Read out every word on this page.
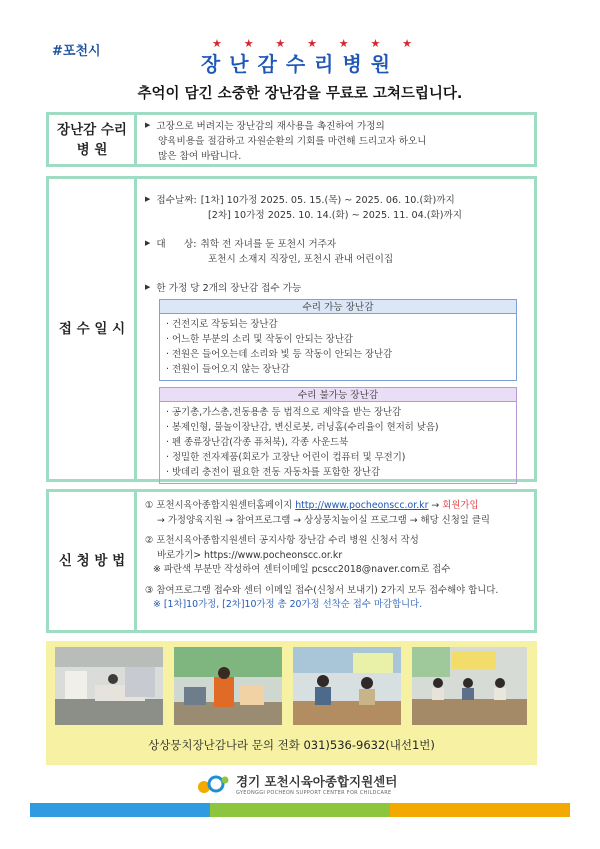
#포천시
★ ★ ★ ★ ★ ★ ★
장난감수리병원
추억이 담긴 소중한 장난감을 무료로 고쳐드립니다.
장난감 수리
병 원
▶ 고장으로 버려지는 장난감의 재사용을 촉진하여 가정의
양육비용을 절감하고 자원순환의 기회를 마련해 드리고자 하오니
많은 참여 바랍니다.
접 수 일 시
▶ 접수날짜: [1차] 10가정 2025. 05. 15.(목) ~ 2025. 06. 10.(화)까지
[2차] 10가정 2025. 10. 14.(화) ~ 2025. 11. 04.(화)까지
▶ 대      상: 취학 전 자녀를 둔 포천시 거주자
포천시 소재지 직장인, 포천시 관내 어린이집
▶ 한 가정 당 2개의 장난감 접수 가능
수리 가능 장난감
· 건전지로 작동되는 장난감
· 어느한 부분의 소리 및 작동이 안되는 장난감
· 전원은 들어오는데 소리와 빛 등 작동이 안되는 장난감
· 전원이 들어오지 않는 장난감
수리 불가능 장난감
· 공기총,가스총,전동용총 등 법적으로 제약을 받는 장난감
· 봉제인형, 물놀이장난감, 변신로봇, 러닝홈(수리율이 현저히 낮음)
· 펜 종류장난감(각종 퓨처북), 각종 사운드북
· 정밀한 전자제품(회로가 고장난 어린이 컴퓨터 및 무전기)
· 밧데리 충전이 필요한 전동 자동차를 포함한 장난감
신 청 방 법
① 포천시육아종합지원센터홈페이지 http://www.pocheonscc.or.kr → 회원가입
→ 가정양육지원 → 참여프로그램 → 상상뭉치놀이실 프로그램 → 해당 신청일 클릭
② 포천시육아종합지원센터 공지사항 장난감 수리 병원 신청서 작성
바로가기> https://www.pocheonscc.or.kr
※ 파란색 부분만 작성하여 센터이메일 pcscc2018@naver.com로 접수
③ 참여프로그램 접수와 센터 이메일 접수(신청서 보내기) 2가지 모두 접수해야 합니다.
※ [1차]10가정, [2차]10가정 총 20가정 선착순 접수 마감합니다.
상상뭉치장난감나라 문의 전화 031)536-9632(내선1번)
경기 포천시육아종합지원센터
GYEONGGI POCHEON SUPPORT CENTER FOR CHILDCARE
